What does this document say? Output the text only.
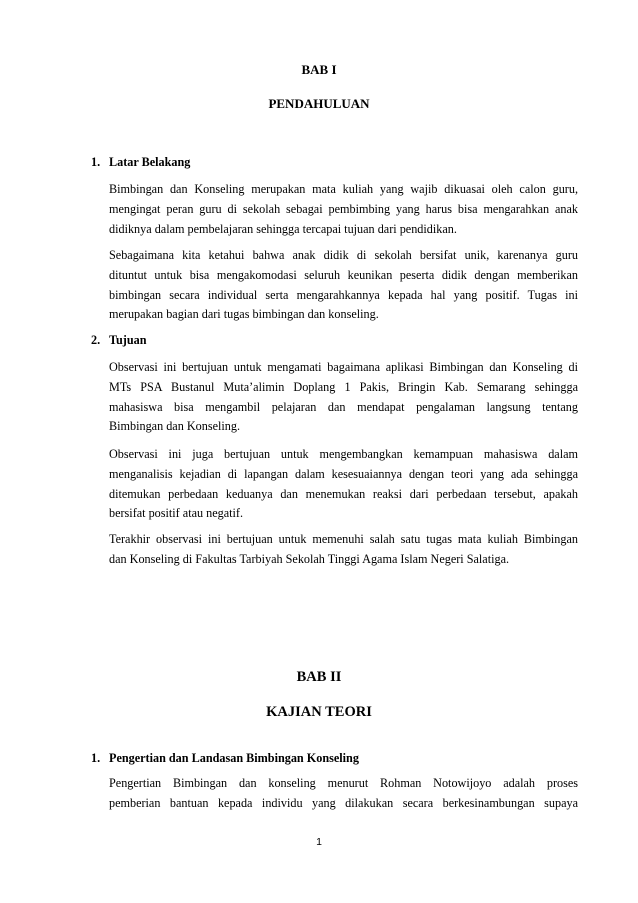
BAB I
PENDAHULUAN
1. Latar Belakang
Bimbingan dan Konseling merupakan mata kuliah yang wajib dikuasai oleh calon guru,
mengingat peran guru di sekolah sebagai pembimbing yang harus bisa mengarahkan anak
didiknya dalam pembelajaran sehingga tercapai tujuan dari pendidikan.
Sebagaimana kita ketahui bahwa anak didik di sekolah bersifat unik, karenanya guru
dituntut untuk bisa mengakomodasi seluruh keunikan peserta didik dengan memberikan
bimbingan secara individual serta mengarahkannya kepada hal yang positif. Tugas ini
merupakan bagian dari tugas bimbingan dan konseling.
2. Tujuan
Observasi ini bertujuan untuk mengamati bagaimana aplikasi Bimbingan dan Konseling di
MTs PSA Bustanul Muta’alimin Doplang 1 Pakis, Bringin Kab. Semarang sehingga
mahasiswa bisa mengambil pelajaran dan mendapat pengalaman langsung tentang
Bimbingan dan Konseling.
Observasi ini juga bertujuan untuk mengembangkan kemampuan mahasiswa dalam
menganalisis kejadian di lapangan dalam kesesuaiannya dengan teori yang ada sehingga
ditemukan perbedaan keduanya dan menemukan reaksi dari perbedaan tersebut, apakah
bersifat positif atau negatif.
Terakhir observasi ini bertujuan untuk memenuhi salah satu tugas mata kuliah Bimbingan
dan Konseling di Fakultas Tarbiyah Sekolah Tinggi Agama Islam Negeri Salatiga.
BAB II
KAJIAN TEORI
1. Pengertian dan Landasan Bimbingan Konseling
Pengertian Bimbingan dan konseling menurut Rohman Notowijoyo adalah proses
pemberian bantuan kepada individu yang dilakukan secara berkesinambungan supaya
1
